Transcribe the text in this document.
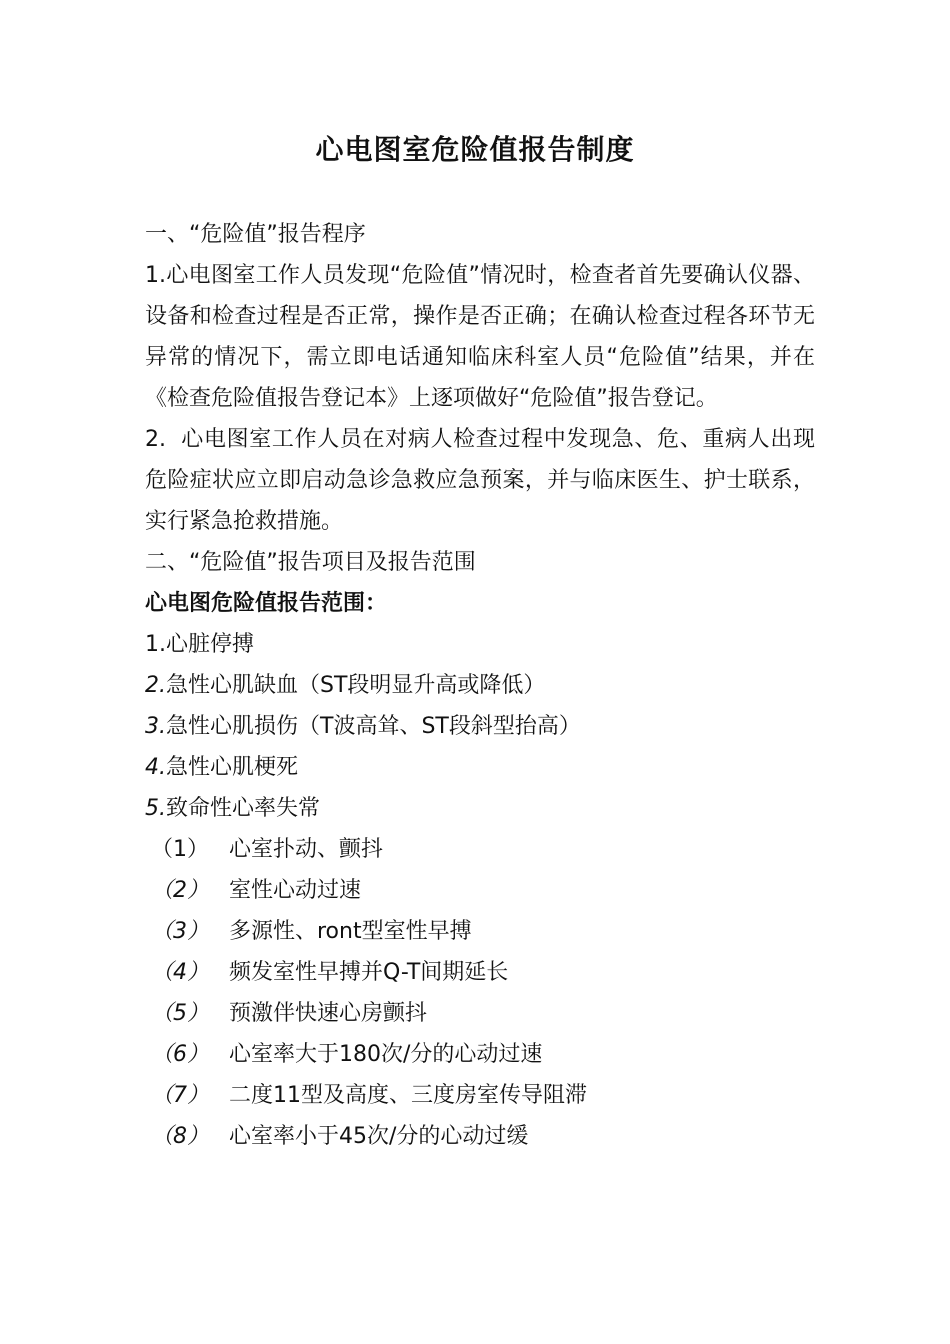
心电图室危险值报告制度

一、“危险值”报告程序

1.心电图室工作人员发现“危险值”情况时，检查者首先要确认仪器、设备和检查过程是否正常，操作是否正确；在确认检查过程各环节无异常的情况下，需立即电话通知临床科室人员“危险值”结果，并在《检查危险值报告登记本》上逐项做好“危险值”报告登记。

2. 心电图室工作人员在对病人检查过程中发现急、危、重病人出现危险症状应立即启动急诊急救应急预案，并与临床医生、护士联系，实行紧急抢救措施。

二、“危险值”报告项目及报告范围

心电图危险值报告范围：

1.心脏停搏

2.急性心肌缺血（ST段明显升高或降低）

3.急性心肌损伤（T波高耸、ST段斜型抬高）

4.急性心肌梗死

5.致命性心率失常

（1） 心室扑动、颤抖

（2） 室性心动过速

（3） 多源性、ront型室性早搏

（4） 频发室性早搏并Q-T间期延长

（5） 预激伴快速心房颤抖

（6） 心室率大于180次/分的心动过速

（7） 二度11型及高度、三度房室传导阻滞

（8） 心室率小于45次/分的心动过缓
